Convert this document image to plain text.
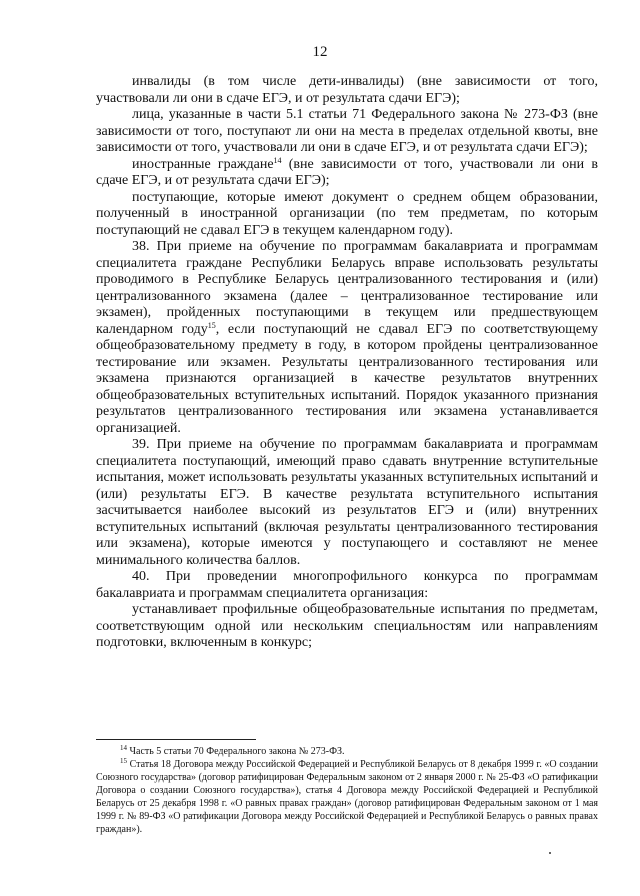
12

инвалиды (в том числе дети-инвалиды) (вне зависимости от того, участвовали ли они в сдаче ЕГЭ, и от результата сдачи ЕГЭ);

лица, указанные в части 5.1 статьи 71 Федерального закона № 273-ФЗ (вне зависимости от того, поступают ли они на места в пределах отдельной квоты, вне зависимости от того, участвовали ли они в сдаче ЕГЭ, и от результата сдачи ЕГЭ);

иностранные граждане$^{14}$ (вне зависимости от того, участвовали ли они в сдаче ЕГЭ, и от результата сдачи ЕГЭ);

поступающие, которые имеют документ о среднем общем образовании, полученный в иностранной организации (по тем предметам, по которым поступающий не сдавал ЕГЭ в текущем календарном году).

38. При приеме на обучение по программам бакалавриата и программам специалитета граждане Республики Беларусь вправе использовать результаты проводимого в Республике Беларусь централизованного тестирования и (или) централизованного экзамена (далее – централизованное тестирование или экзамен), пройденных поступающими в текущем или предшествующем календарном году$^{15}$, если поступающий не сдавал ЕГЭ по соответствующему общеобразовательному предмету в году, в котором пройдены централизованное тестирование или экзамен. Результаты централизованного тестирования или экзамена признаются организацией в качестве результатов внутренних общеобразовательных вступительных испытаний. Порядок указанного признания результатов централизованного тестирования или экзамена устанавливается организацией.

39. При приеме на обучение по программам бакалавриата и программам специалитета поступающий, имеющий право сдавать внутренние вступительные испытания, может использовать результаты указанных вступительных испытаний и (или) результаты ЕГЭ. В качестве результата вступительного испытания засчитывается наиболее высокий из результатов ЕГЭ и (или) внутренних вступительных испытаний (включая результаты централизованного тестирования или экзамена), которые имеются у поступающего и составляют не менее минимального количества баллов.

40. При проведении многопрофильного конкурса по программам бакалавриата и программам специалитета организация:

устанавливает профильные общеобразовательные испытания по предметам, соответствующим одной или нескольким специальностям или направлениям подготовки, включенным в конкурс;

$^{14}$ Часть 5 статьи 70 Федерального закона № 273-ФЗ.

$^{15}$ Статья 18 Договора между Российской Федерацией и Республикой Беларусь от 8 декабря 1999 г. «О создании Союзного государства» (договор ратифицирован Федеральным законом от 2 января 2000 г. № 25-ФЗ «О ратификации Договора о создании Союзного государства»), статья 4 Договора между Российской Федерацией и Республикой Беларусь от 25 декабря 1998 г. «О равных правах граждан» (договор ратифицирован Федеральным законом от 1 мая 1999 г. № 89-ФЗ «О ратификации Договора между Российской Федерацией и Республикой Беларусь о равных правах граждан»).
